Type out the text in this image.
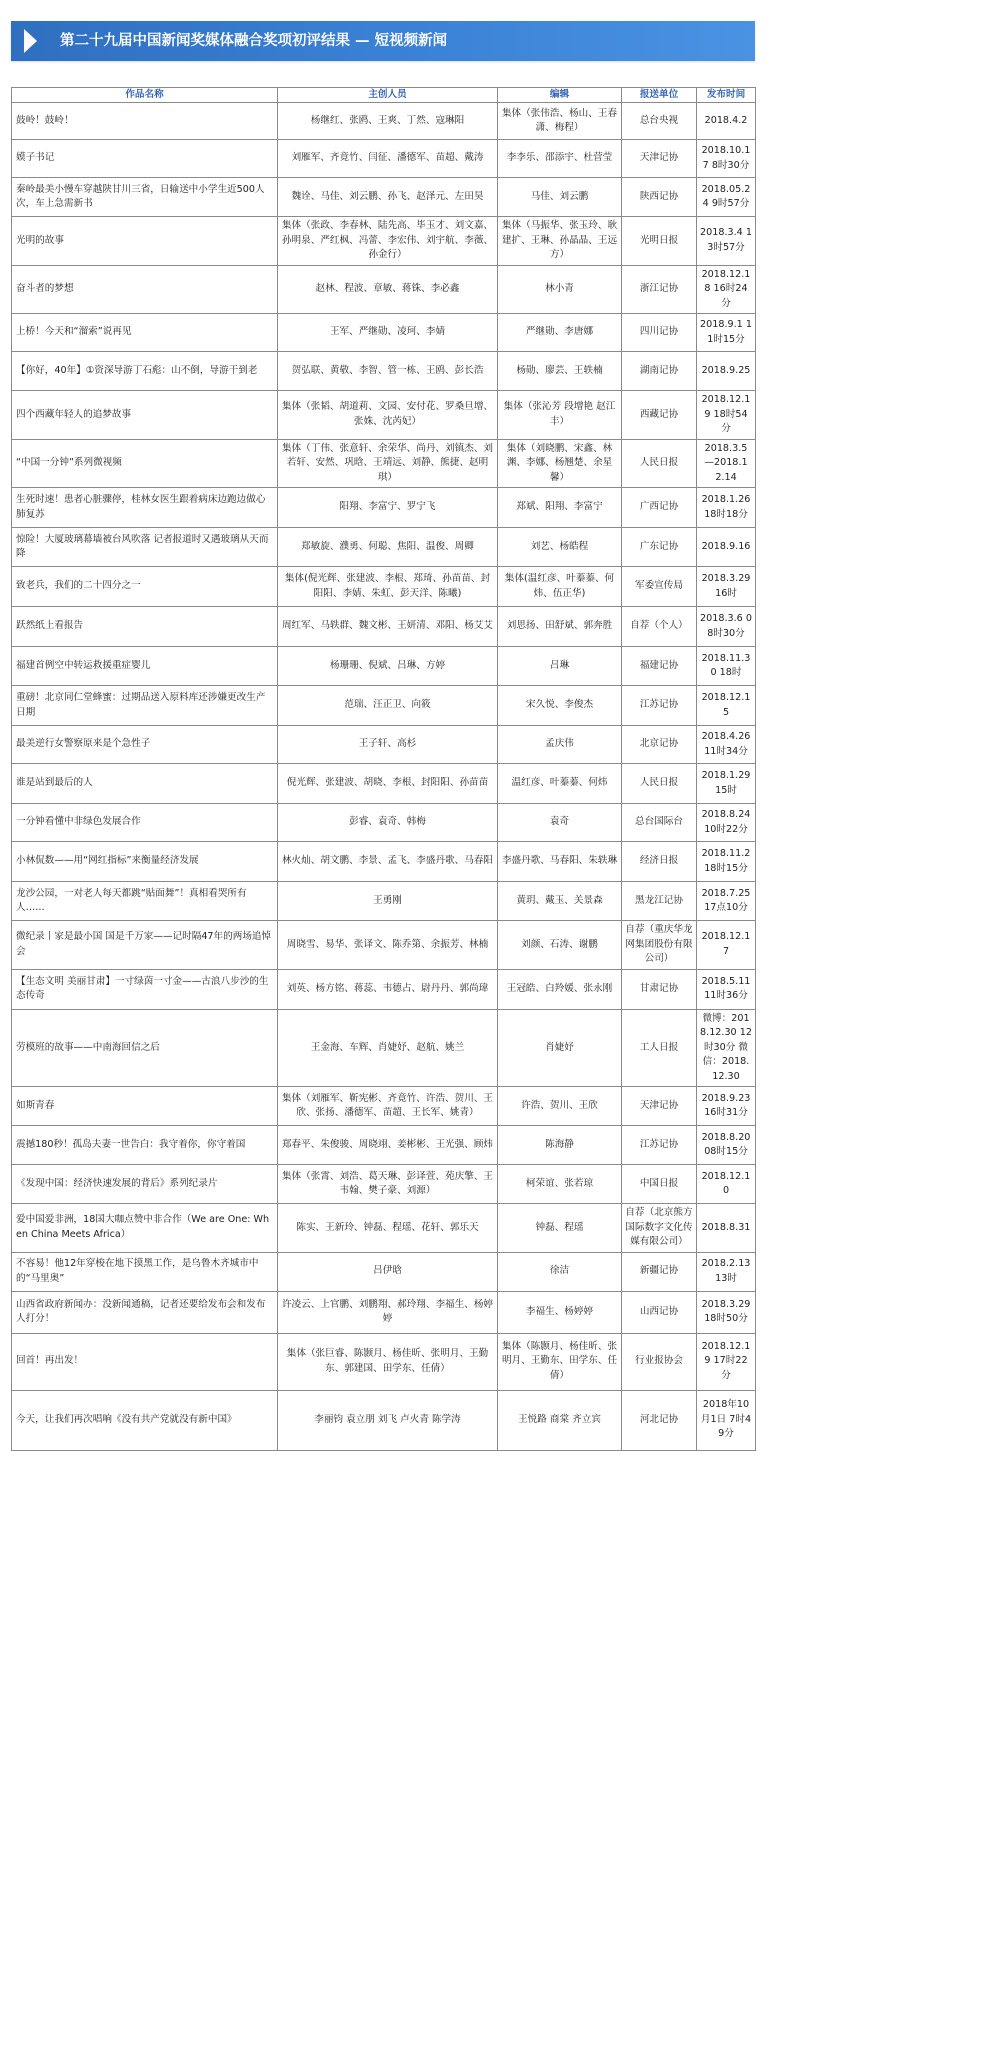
第二十九届中国新闻奖媒体融合奖项初评结果 — 短视频新闻
作品名称	主创人员	编辑	报送单位	发布时间
鼓岭！鼓岭！	杨继红、张鸥、王爽、丁然、寇琳阳	集体（张伟浩、杨山、王春潇、梅程）	总台央视	2018.4.2
嫫子书记	刘雁军、齐竟竹、闫征、潘德军、苗超、戴涛	李李乐、邵添宇、杜营莹	天津记协	2018.10.17 8时30分
秦岭最美小慢车穿越陕甘川三省，日输送中小学生近500人次，车上急需新书	魏诠、马佳、刘云鹏、孙飞、赵泽元、左田昊	马佳、刘云鹏	陕西记协	2018.05.24 9时57分
光明的故事	集体（张政、李春林、陆先高、毕玉才、刘文嘉、孙明泉、严红枫、冯蕾、李宏伟、刘宇航、李薇、孙金行）	集体（马振华、张玉玲、耿建扩、王琳、孙晶晶、王远方）	光明日报	2018.3.4 13时57分
奋斗者的梦想	赵林、程波、章敏、蒋铢、李必鑫	林小青	浙江记协	2018.12.18 16时24分
上桥！今天和“溜索”说再见	王军、严继勋、凌珂、李婧	严继勋、李唐娜	四川记协	2018.9.1 11时15分
【你好，40年】①资深导游丁石彪：山不倒，导游干到老	贺弘联、黄敬、李智、管一栋、王鸥、彭长浩	杨勋、廖芸、王轶楠	湖南记协	2018.9.25
四个西藏年轻人的追梦故事	集体（张韬、胡道莉、文园、安付花、罗桑旦增、张姝、沈芮妃）	集体（张沁芳 段增艳 赵江丰）	西藏记协	2018.12.19 18时54分
“中国一分钟”系列微视频	集体（丁伟、张意轩、余荣华、尚丹、刘镇杰、刘若轩、安然、巩晗、王靖远、刘静、熊捷、赵明琪）	集体（刘晓鹏、宋鑫、林渊、李娜、杨翘楚、余星馨）	人民日报	2018.3.5—2018.12.14
生死时速！患者心脏骤停，桂林女医生跟着病床边跑边做心肺复苏	阳翔、李富宁、罗宁飞	郑斌、阳翔、李富宁	广西记协	2018.1.26 18时18分
惊险！大厦玻璃幕墙被台风吹落 记者报道时又遇玻璃从天而降	郑敏旋、濮勇、何聪、焦阳、温俊、周卿	刘艺、杨皓程	广东记协	2018.9.16
致老兵，我们的二十四分之一	集体(倪光辉、张建波、李根、郑琦、孙苗苗、封阳阳、李婧、朱虹、彭天洋、陈曦)	集体(温红彦、叶蓁蓁、何炜、伍正华)	军委宣传局	2018.3.29 16时
跃然纸上看报告	周红军、马轶群、魏文彬、王妍清、邓阳、杨艾艾	刘思扬、田舒斌、郭奔胜	自荐（个人）	2018.3.6 08时30分
福建首例空中转运救援重症婴儿	杨珊珊、倪斌、吕琳、方婷	吕琳	福建记协	2018.11.30 18时
重磅！北京同仁堂蜂蜜：过期品送入原料库还涉嫌更改生产日期	范瑞、汪正卫、向筱	宋久悦、李俊杰	江苏记协	2018.12.15
最美逆行女警察原来是个急性子	王子轩、高杉	孟庆伟	北京记协	2018.4.26 11时34分
谁是站到最后的人	倪光辉、张建波、胡晓、李根、封阳阳、孙苗苗	温红彦、叶蓁蓁、何炜	人民日报	2018.1.29 15时
一分钟看懂中非绿色发展合作	彭睿、袁奇、韩梅	袁奇	总台国际台	2018.8.24 10时22分
小林侃数——用“网红指标”来衡量经济发展	林火灿、胡文鹏、李景、孟飞、李盛丹歌、马春阳	李盛丹歌、马春阳、朱轶琳	经济日报	2018.11.2 18时15分
龙沙公园，一对老人每天都跳“贴面舞”！真相看哭所有人……	王勇刚	黄玥、戴玉、关景森	黑龙江记协	2018.7.25 17点10分
微纪录丨家是最小国 国是千万家——记时隔47年的两场追悼会	周晓雪、易华、张译文、陈乔第、余振芳、林楠	刘颜、石涛、谢鹏	自荐（重庆华龙网集团股份有限公司）	2018.12.17
【生态文明 美丽甘肃】一寸绿茵一寸金——古浪八步沙的生态传奇	刘英、杨方铭、蒋蕊、韦德占、尉丹丹、郭尚瑋	王冠皓、白羚媛、张永刚	甘肃记协	2018.5.11 11时36分
劳模班的故事——中南海回信之后	王金海、车辉、肖婕妤、赵航、姚兰	肖婕妤	工人日报	微博：2018.12.30 12时30分 微信：2018.12.30
如斯青春	集体（刘雁军、靳宪彬、齐竟竹、许浩、贺川、王欣、张扬、潘德军、苗超、王长军、姚青）	许浩、贺川、王欣	天津记协	2018.9.23 16时31分
震撼180秒！孤岛夫妻一世告白：我守着你，你守着国	郑春平、朱俊骏、周晓翊、姜彬彬、王光强、顾炜	陈海静	江苏记协	2018.8.20 08时15分
《发现中国：经济快速发展的背后》系列纪录片	集体（张霄、刘浩、葛天琳、彭译萱、苑庆擎、王韦翰、樊子豪、刘源）	柯荣谊、张若琼	中国日报	2018.12.10
爱中国爱非洲，18国大咖点赞中非合作（We are One: When China Meets Africa）	陈实、王新玲、钟磊、程瑶、花轩、郭乐天	钟磊、程瑶	自荐（北京熊方国际数字文化传媒有限公司）	2018.8.31
不容易！他12年穿梭在地下摸黑工作，是乌鲁木齐城市中的“马里奥”	吕伊晗	徐洁	新疆记协	2018.2.13 13时
山西省政府新闻办：没新闻通稿，记者还要给发布会和发布人打分！	许凌云、上官鹏、刘鹏翔、郝玲翔、李福生、杨婷婷	李福生、杨婷婷	山西记协	2018.3.29 18时50分
回首！再出发！	集体（张巨睿、陈颢月、杨佳昕、张明月、王勤东、郭建国、田学东、任倩）	集体（陈颢月、杨佳昕、张明月、王勤东、田学东、任倩）	行业报协会	2018.12.19 17时22分
今天，让我们再次唱响《没有共产党就没有新中国》	李丽钧 袁立朋 刘飞 卢火青 陈学涛	王悦路 商棠 齐立宾	河北记协	2018年10月1日 7时49分
